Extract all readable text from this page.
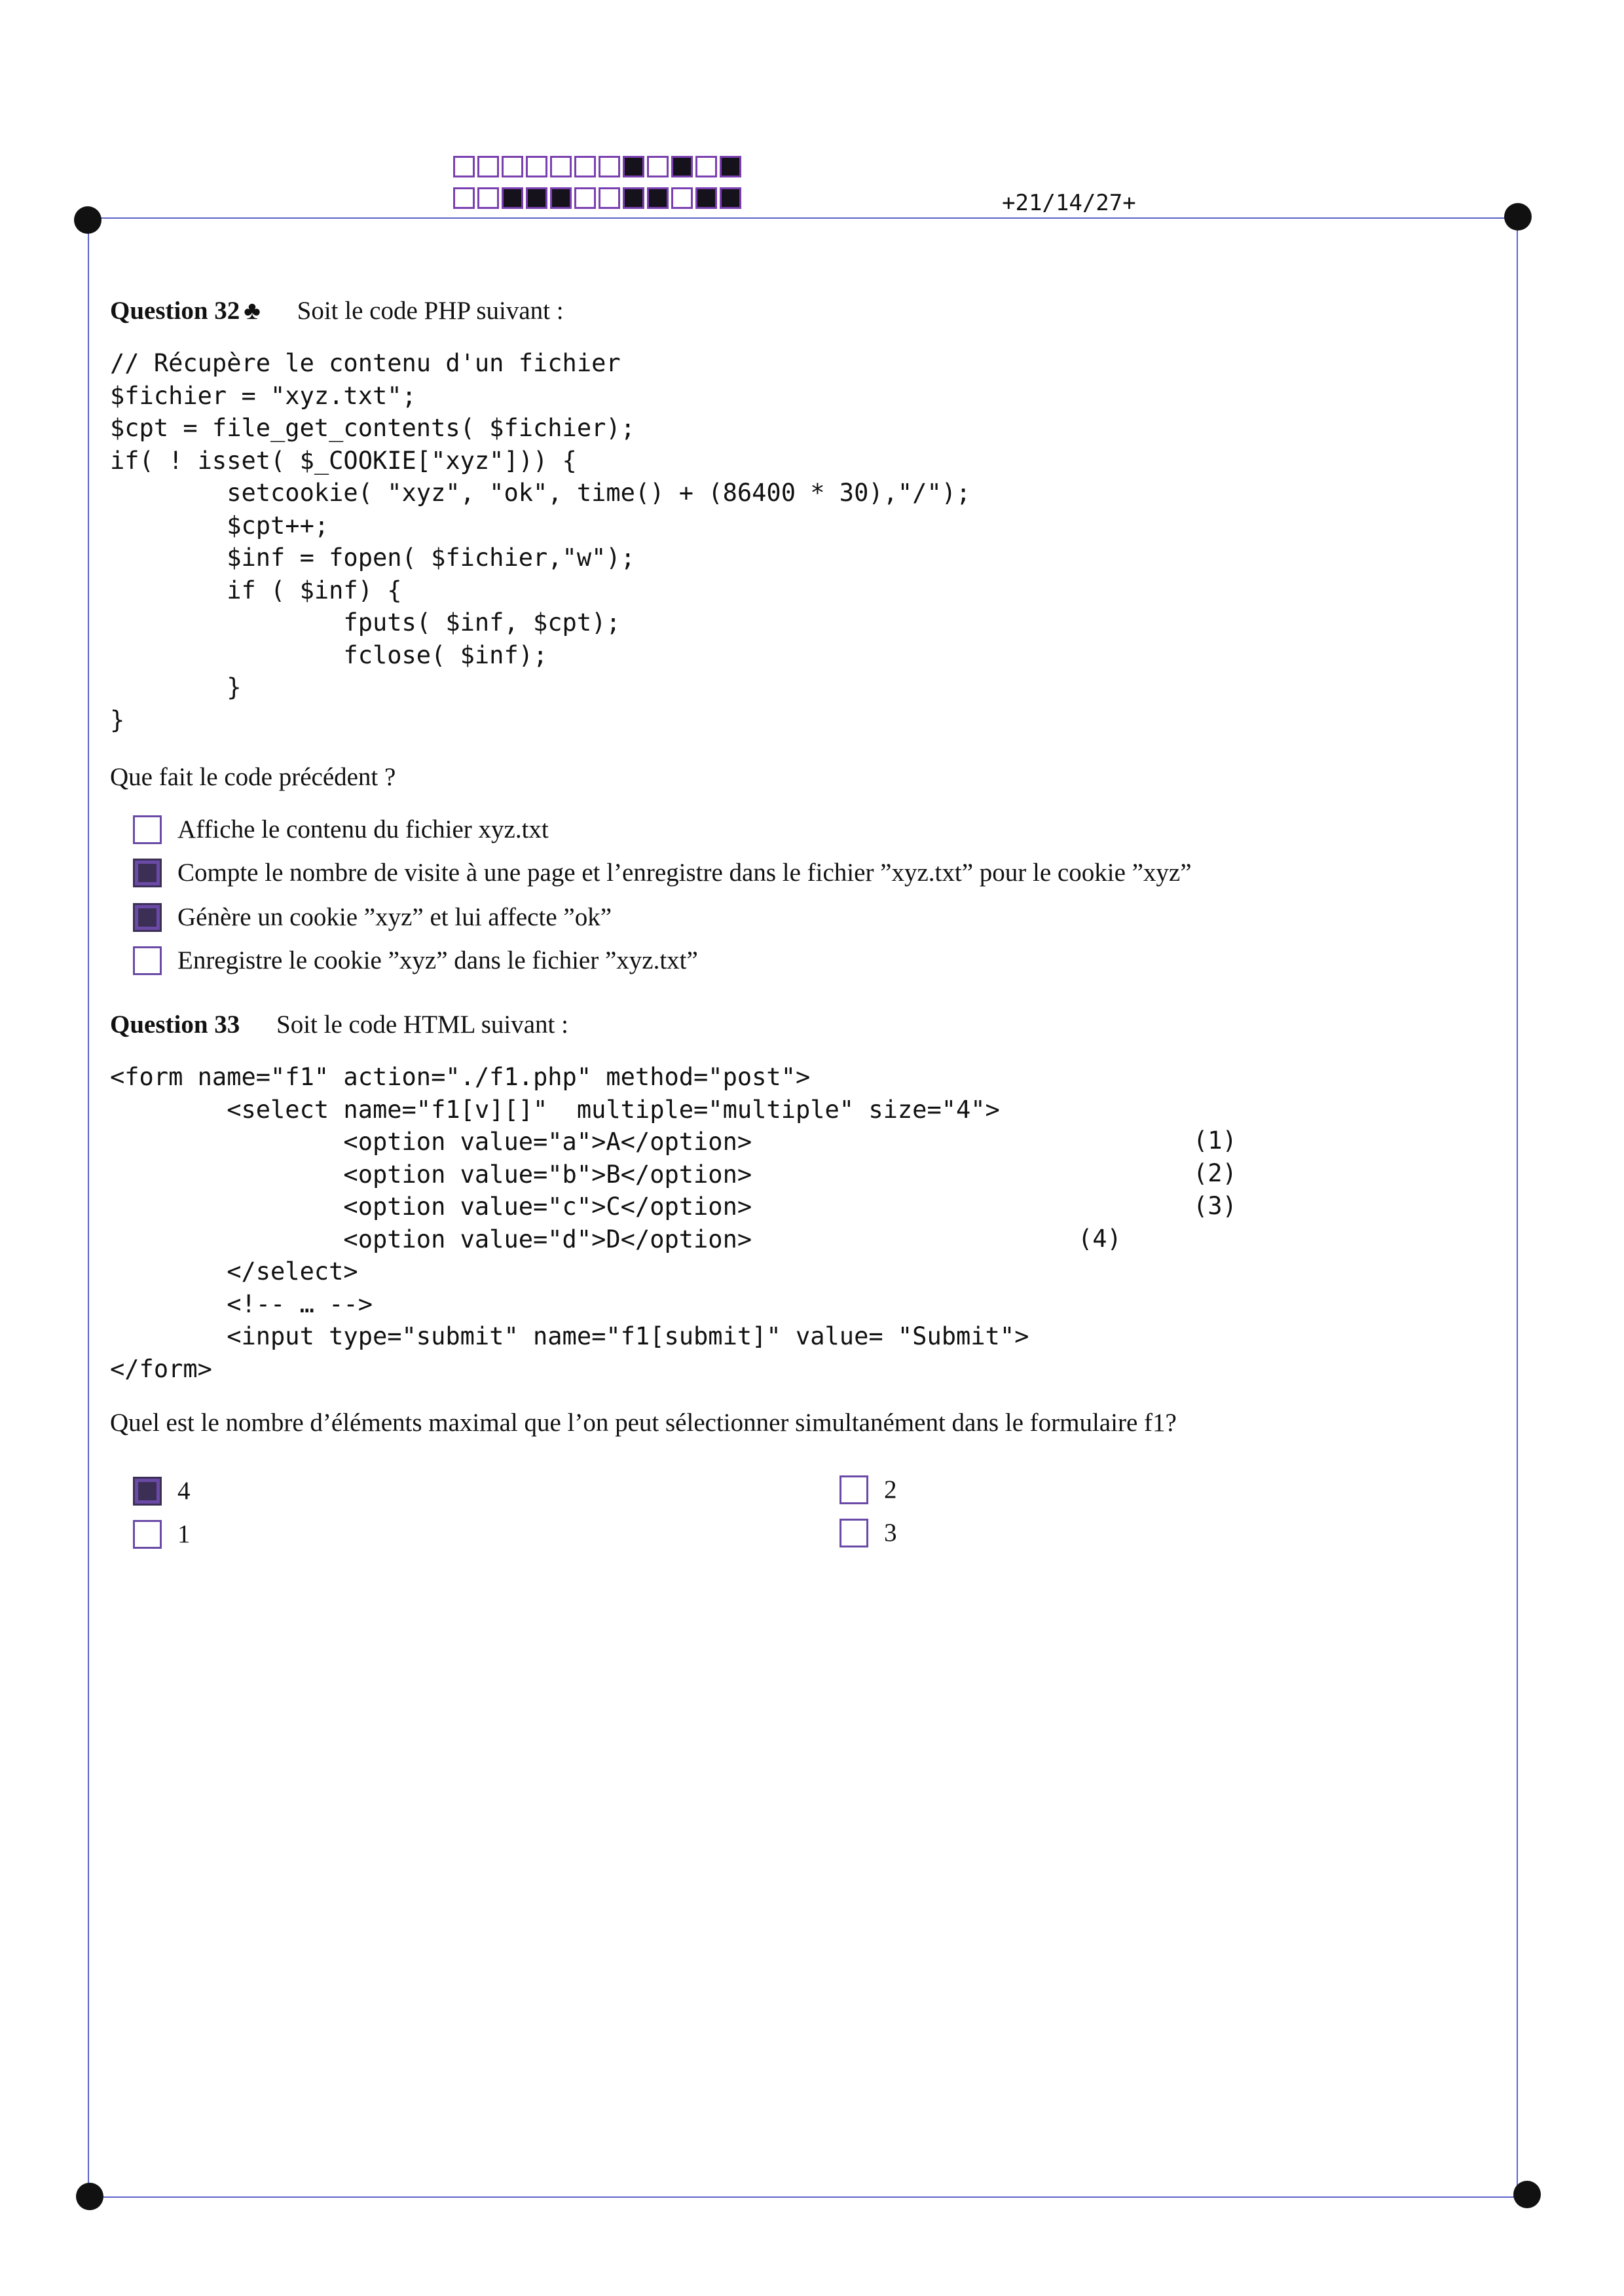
+21/14/27+
Question 32 ♣ Soit le code PHP suivant :
// Récupère le contenu d'un fichier
$fichier = "xyz.txt";
$cpt = file_get_contents( $fichier);
if( ! isset( $_COOKIE["xyz"])) {
setcookie( "xyz", "ok", time() + (86400 * 30),"/");
$cpt++;
$inf = fopen( $fichier,"w");
if ( $inf) {
fputs( $inf, $cpt);
fclose( $inf);
}
}
Que fait le code précédent ?
Affiche le contenu du fichier xyz.txt
Compte le nombre de visite à une page et l’enregistre dans le fichier ”xyz.txt” pour le cookie ”xyz”
Génère un cookie ”xyz” et lui affecte ”ok”
Enregistre le cookie ”xyz” dans le fichier ”xyz.txt”
Question 33 Soit le code HTML suivant :
<form name="f1" action="./f1.php" method="post">
<select name="f1[v][]"  multiple="multiple" size="4">
<option value="a">A</option>
<option value="b">B</option>
<option value="c">C</option>
<option value="d">D</option>
</select>
<!-- … -->
<input type="submit" name="f1[submit]" value= "Submit">
</form>
(1)
(2)
(3)
(4)
Quel est le nombre d’éléments maximal que l’on peut sélectionner simultanément dans le formulaire f1?
4	2
1	3
